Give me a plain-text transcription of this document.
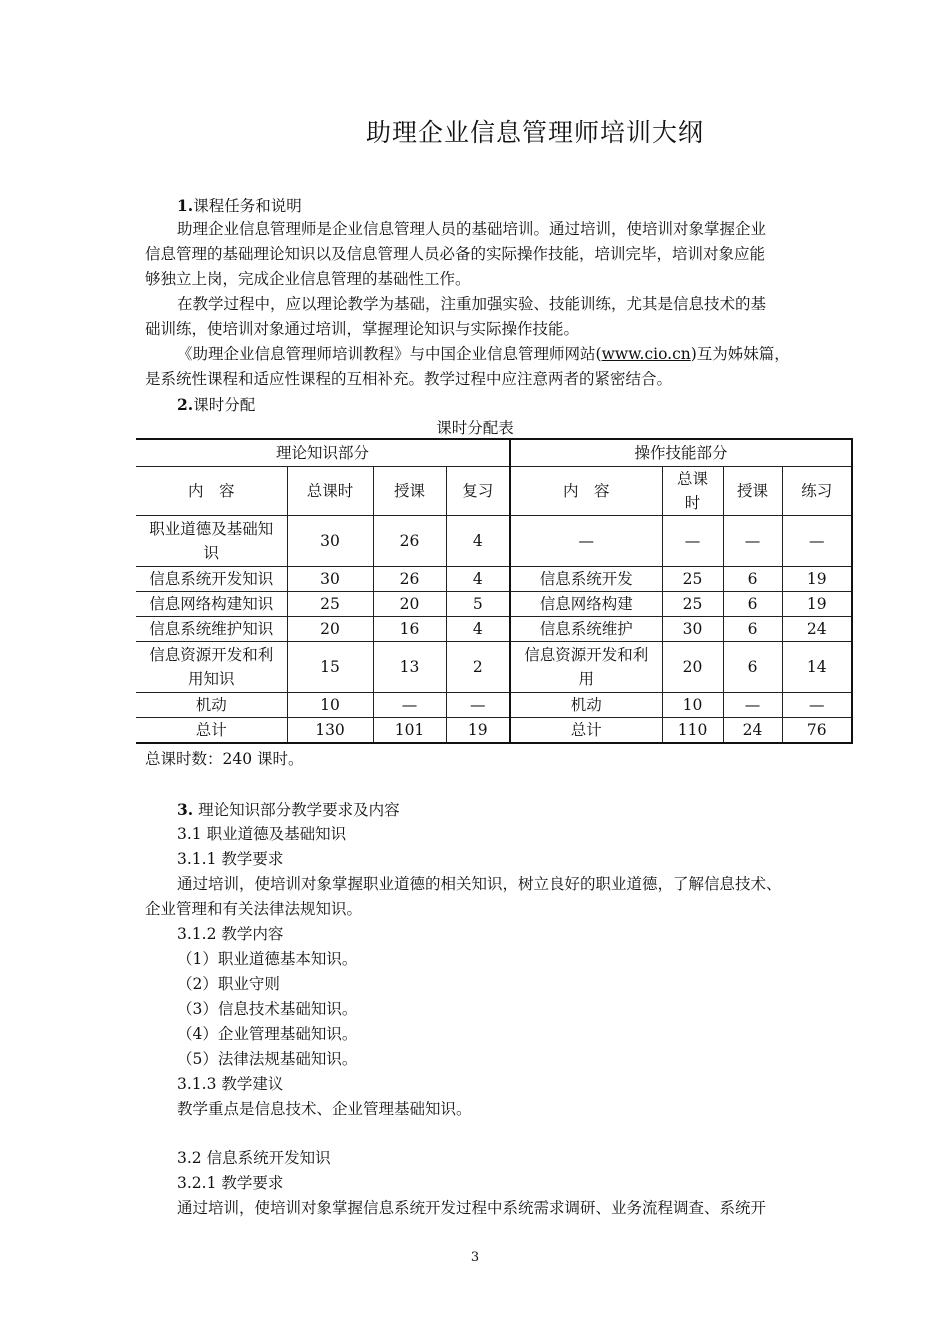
助理企业信息管理师培训大纲
1.课程任务和说明
助理企业信息管理师是企业信息管理人员的基础培训。通过培训，使培训对象掌握企业
信息管理的基础理论知识以及信息管理人员必备的实际操作技能，培训完毕，培训对象应能
够独立上岗，完成企业信息管理的基础性工作。
在教学过程中，应以理论教学为基础，注重加强实验、技能训练，尤其是信息技术的基
础训练，使培训对象通过培训，掌握理论知识与实际操作技能。
《助理企业信息管理师培训教程》与中国企业信息管理师网站(www.cio.cn)互为姊妹篇，
是系统性课程和适应性课程的互相补充。教学过程中应注意两者的紧密结合。
2.课时分配
课时分配表
理论知识部分				操作技能部分			
内　容	总课时	授课	复习	内　容	总课
时	授课	练习
职业道德及基础知
识	30	26	4	—	—	—	—
信息系统开发知识	30	26	4	信息系统开发	25	6	19
信息网络构建知识	25	20	5	信息网络构建	25	6	19
信息系统维护知识	20	16	4	信息系统维护	30	6	24
信息资源开发和利
用知识	15	13	2	信息资源开发和利
用	20	6	14
机动	10	—	—	机动	10	—	—
总计	130	101	19	总计	110	24	76
总课时数：240 课时。
3. 理论知识部分教学要求及内容
3.1 职业道德及基础知识
3.1.1 教学要求
通过培训，使培训对象掌握职业道德的相关知识，树立良好的职业道德，了解信息技术、
企业管理和有关法律法规知识。
3.1.2 教学内容
（1）职业道德基本知识。
（2）职业守则
（3）信息技术基础知识。
（4）企业管理基础知识。
（5）法律法规基础知识。
3.1.3 教学建议
教学重点是信息技术、企业管理基础知识。
3.2 信息系统开发知识
3.2.1 教学要求
通过培训，使培训对象掌握信息系统开发过程中系统需求调研、业务流程调查、系统开
3
